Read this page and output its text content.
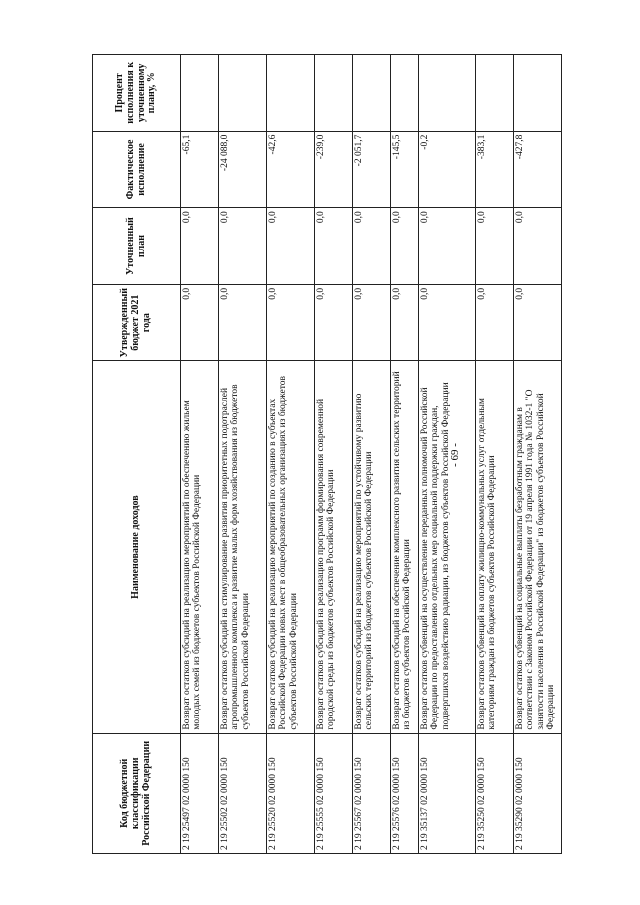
- 69 -
Код бюджетной классификации Российской Федерации	Наименование доходов	Утвержденный бюджет 2021 года	Уточненный план	Фактическое исполнение	Процент исполнения к уточненному плану, %
2 19 25497 02 0000 150	Возврат остатков субсидий на реализацию мероприятий по обеспечению жильем молодых семей из бюджетов субъектов Российской Федерации	0,0	0,0	-65,1	
2 19 25502 02 0000 150	Возврат остатков субсидий на стимулирование развития приоритетных подотраслей агропромышленного комплекса и развитие малых форм хозяйствования из бюджетов субъектов Российской Федерации	0,0	0,0	-24 088,0	
2 19 25520 02 0000 150	Возврат остатков субсидий на реализацию мероприятий по созданию в субъектах Российской Федерации новых мест в общеобразовательных организациях из бюджетов субъектов Российской Федерации	0,0	0,0	-42,6	
2 19 25555 02 0000 150	Возврат остатков субсидий на реализацию программ формирования современной городской среды из бюджетов субъектов Российской Федерации	0,0	0,0	-239,0	
2 19 25567 02 0000 150	Возврат остатков субсидий на реализацию мероприятий по устойчивому развитию сельских территорий из бюджетов субъектов Российской Федерации	0,0	0,0	-2 051,7	
2 19 25576 02 0000 150	Возврат остатков субсидий на обеспечение комплексного развития сельских территорий из бюджетов субъектов Российской Федерации	0,0	0,0	-145,5	
2 19 35137 02 0000 150	Возврат остатков субвенций на осуществление переданных полномочий Российской Федерации по предоставлению отдельных мер социальной поддержки граждан, подвергшихся воздействию радиации, из бюджетов субъектов Российской Федерации	0,0	0,0	-0,2	
2 19 35250 02 0000 150	Возврат остатков субвенций на оплату жилищно-коммунальных услуг отдельным категориям граждан из бюджетов субъектов Российской Федерации	0,0	0,0	-383,1	
2 19 35290 02 0000 150	Возврат остатков субвенций на социальные выплаты безработным гражданам в соответствии с Законом Российской Федерации от 19 апреля 1991 года № 1032-1 "О занятости населения в Российской Федерации" из бюджетов субъектов Российской Федерации	0,0	0,0	-427,8	
